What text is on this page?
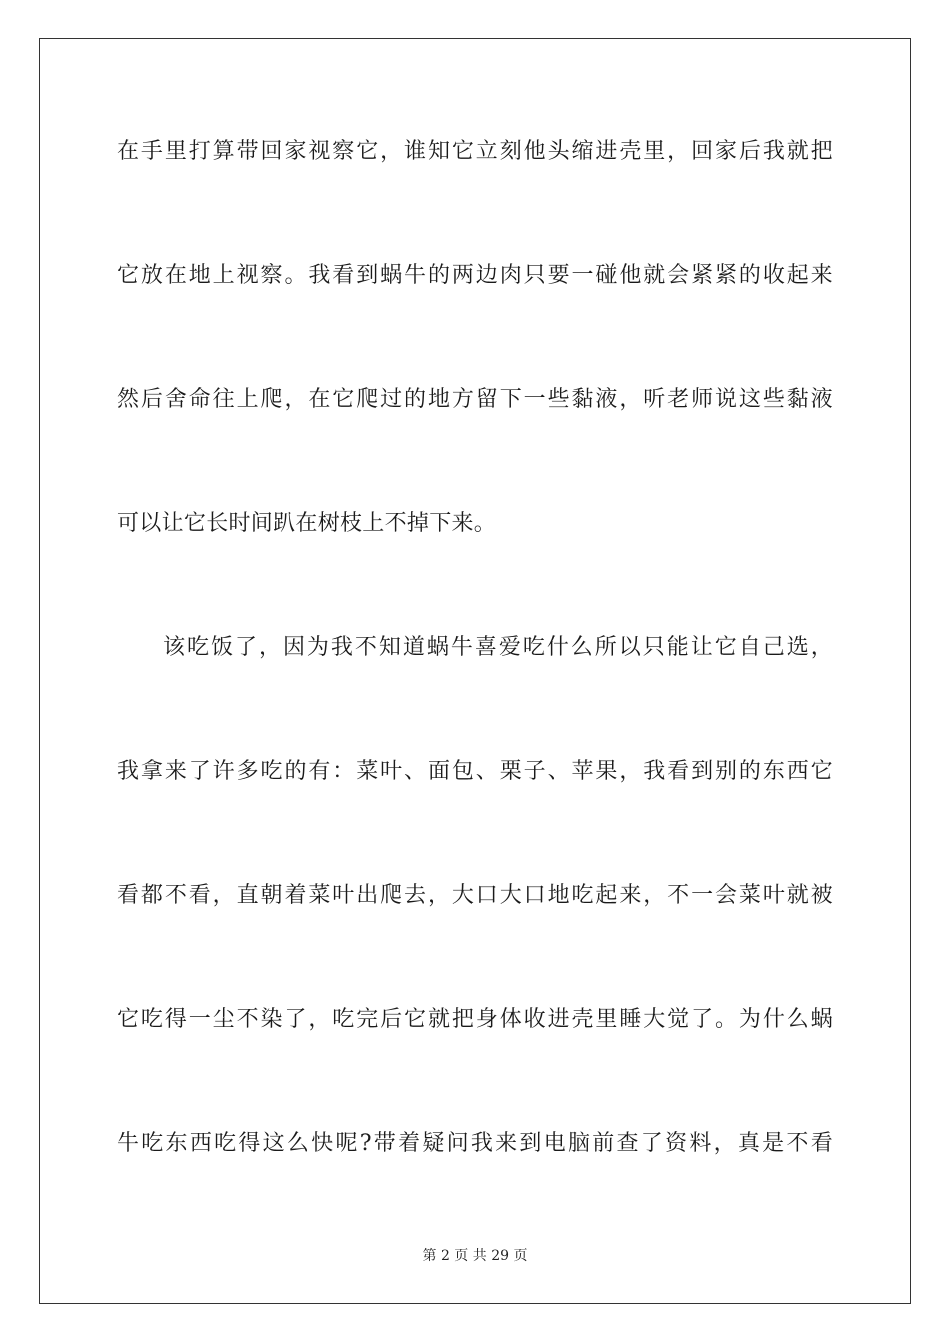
在手里打算带回家视察它，谁知它立刻他头缩进壳里，回家后我就把
它放在地上视察。我看到蜗牛的两边肉只要一碰他就会紧紧的收起来
然后舍命往上爬，在它爬过的地方留下一些黏液，听老师说这些黏液
可以让它长时间趴在树枝上不掉下来。
该吃饭了，因为我不知道蜗牛喜爱吃什么所以只能让它自己选，
我拿来了许多吃的有：菜叶、面包、栗子、苹果，我看到别的东西它
看都不看，直朝着菜叶出爬去，大口大口地吃起来，不一会菜叶就被
它吃得一尘不染了，吃完后它就把身体收进壳里睡大觉了。为什么蜗
牛吃东西吃得这么快呢?带着疑问我来到电脑前查了资料，真是不看
第 2 页 共 29 页
